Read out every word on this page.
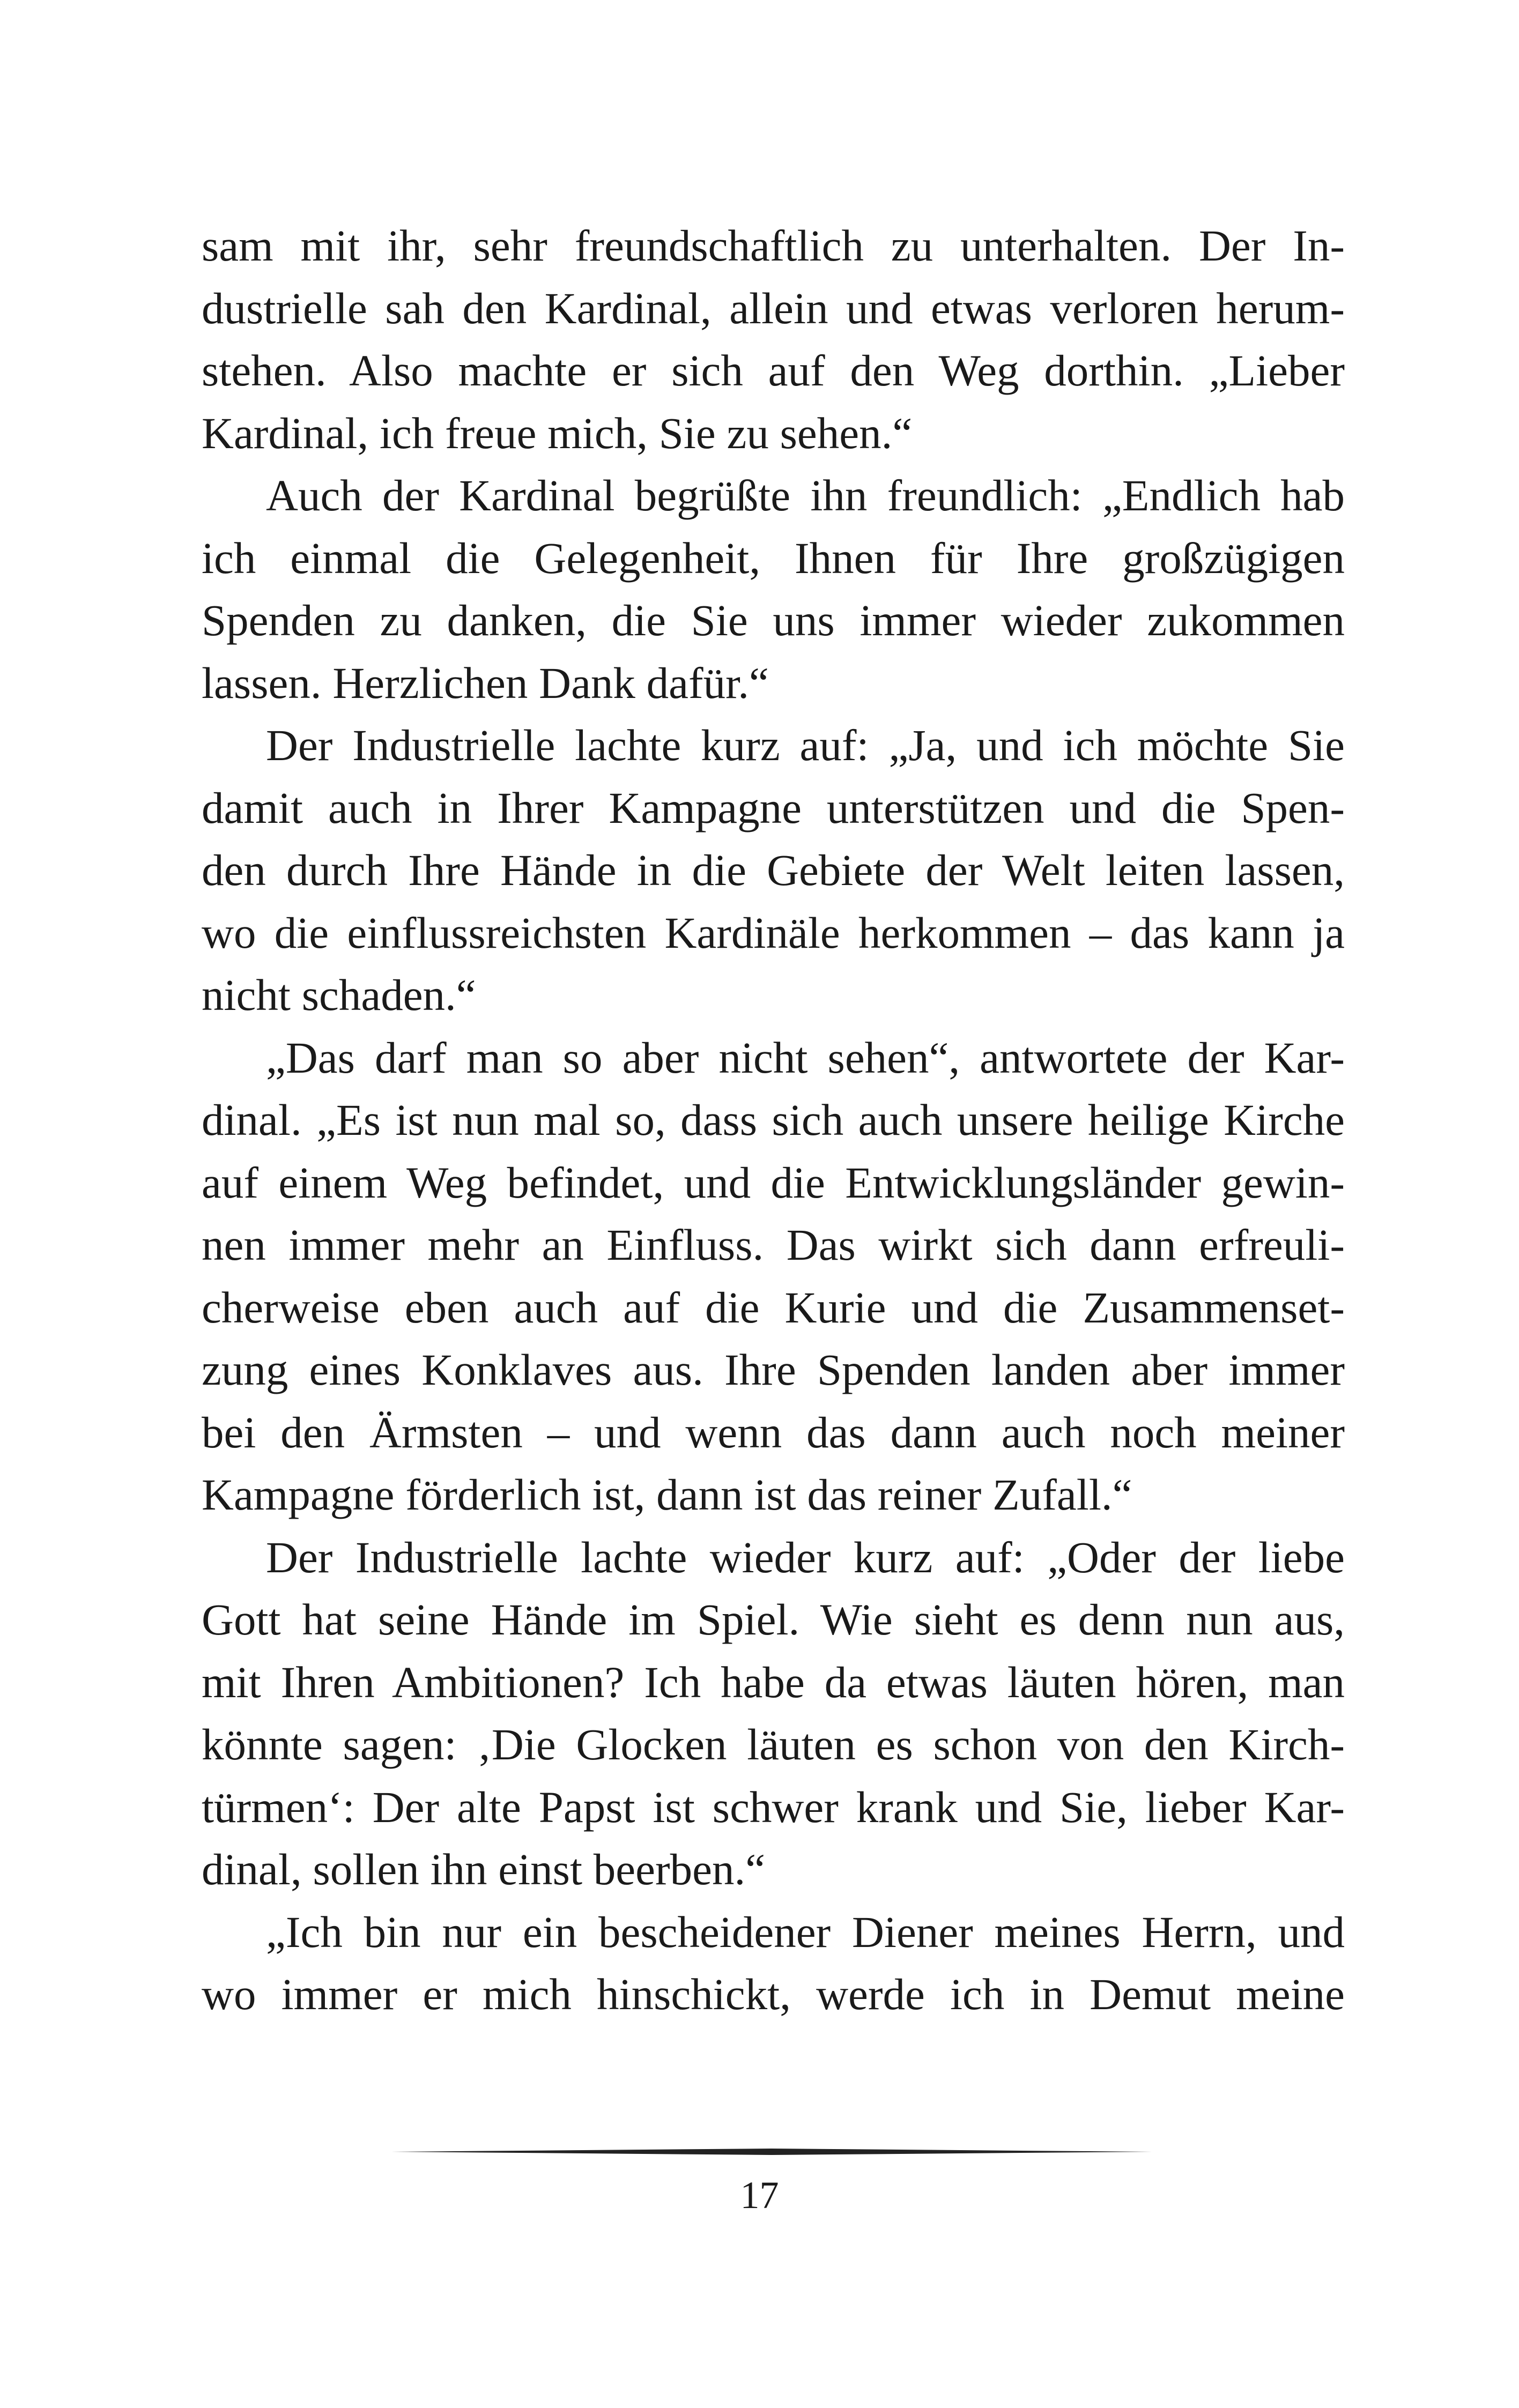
sam mit ihr, sehr freundschaftlich zu unterhalten. Der In-
dustrielle sah den Kardinal, allein und etwas verloren herum-
stehen. Also machte er sich auf den Weg dorthin. „Lieber
Kardinal, ich freue mich, Sie zu sehen.“
Auch der Kardinal begrüßte ihn freundlich: „Endlich hab
ich einmal die Gelegenheit, Ihnen für Ihre großzügigen
Spenden zu danken, die Sie uns immer wieder zukommen
lassen. Herzlichen Dank dafür.“
Der Industrielle lachte kurz auf: „Ja, und ich möchte Sie
damit auch in Ihrer Kampagne unterstützen und die Spen-
den durch Ihre Hände in die Gebiete der Welt leiten lassen,
wo die einflussreichsten Kardinäle herkommen – das kann ja
nicht schaden.“
„Das darf man so aber nicht sehen“, antwortete der Kar-
dinal. „Es ist nun mal so, dass sich auch unsere heilige Kirche
auf einem Weg befindet, und die Entwicklungsländer gewin-
nen immer mehr an Einfluss. Das wirkt sich dann erfreuli-
cherweise eben auch auf die Kurie und die Zusammenset-
zung eines Konklaves aus. Ihre Spenden landen aber immer
bei den Ärmsten – und wenn das dann auch noch meiner
Kampagne förderlich ist, dann ist das reiner Zufall.“
Der Industrielle lachte wieder kurz auf: „Oder der liebe
Gott hat seine Hände im Spiel. Wie sieht es denn nun aus,
mit Ihren Ambitionen? Ich habe da etwas läuten hören, man
könnte sagen: ‚Die Glocken läuten es schon von den Kirch-
türmen‘: Der alte Papst ist schwer krank und Sie, lieber Kar-
dinal, sollen ihn einst beerben.“
„Ich bin nur ein bescheidener Diener meines Herrn, und
wo immer er mich hinschickt, werde ich in Demut meine
17
